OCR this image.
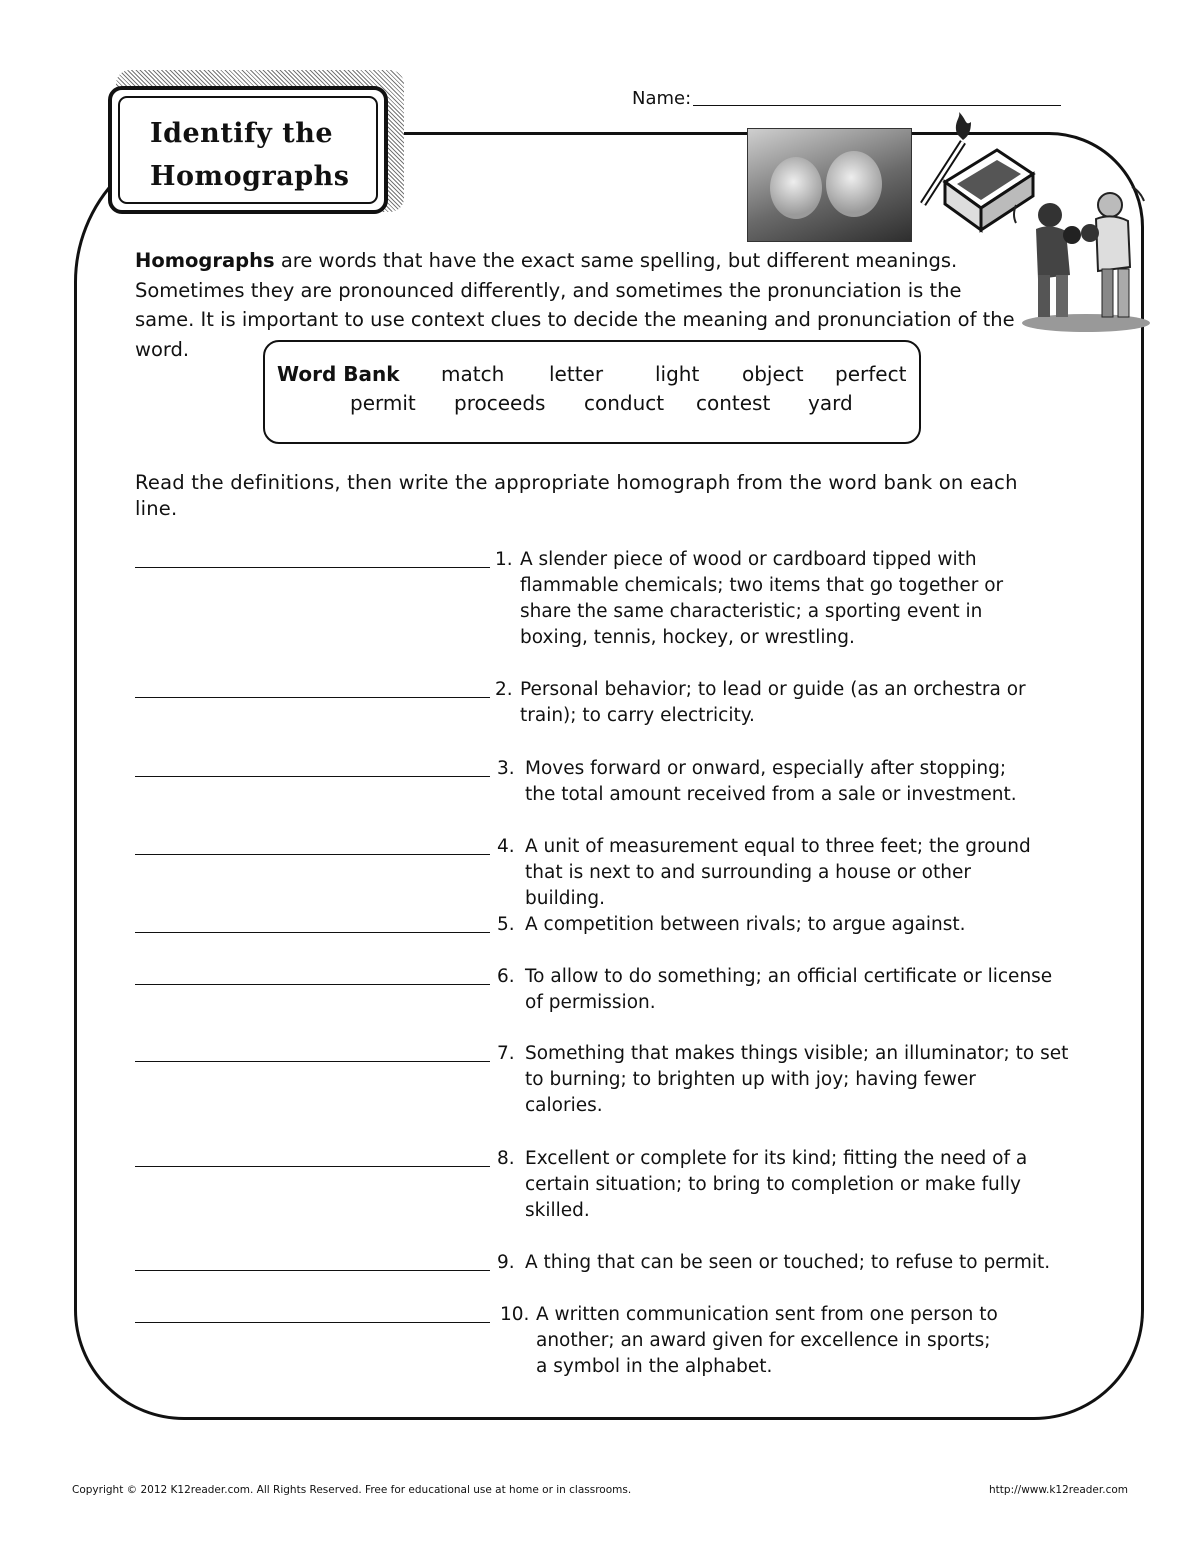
Identify the
Homographs
Name:
Homographs are words that have the exact same spelling, but different meanings. Sometimes they are pronounced differently, and sometimes the pronunciation is the same. It is important to use context clues to decide the meaning and pronunciation of the word.
Word Bank match letter	light object perfect
permit proceeds conduct contest yard
Read the definitions, then write the appropriate homograph from the word bank on each line.
1. A slender piece of wood or cardboard tipped with
flammable chemicals; two items that go together or
share the same characteristic; a sporting event in
boxing, tennis, hockey, or wrestling.
2. Personal behavior; to lead or guide (as an orchestra or
train); to carry electricity.
3. Moves forward or onward, especially after stopping;
the total amount received from a sale or investment.
4. A unit of measurement equal to three feet; the ground
that is next to and surrounding a house or other
building.
5. A competition between rivals; to argue against.
6. To allow to do something; an official certificate or license
of permission.
7. Something that makes things visible; an illuminator; to set
to burning; to brighten up with joy; having fewer
calories.
8. Excellent or complete for its kind; fitting the need of a
certain situation; to bring to completion or make fully
skilled.
9. A thing that can be seen or touched; to refuse to permit.
10. A written communication sent from one person to
another; an award given for excellence in sports;
a symbol in the alphabet.
Copyright © 2012 K12reader.com. All Rights Reserved. Free for educational use at home or in classrooms.	http://www.k12reader.com
